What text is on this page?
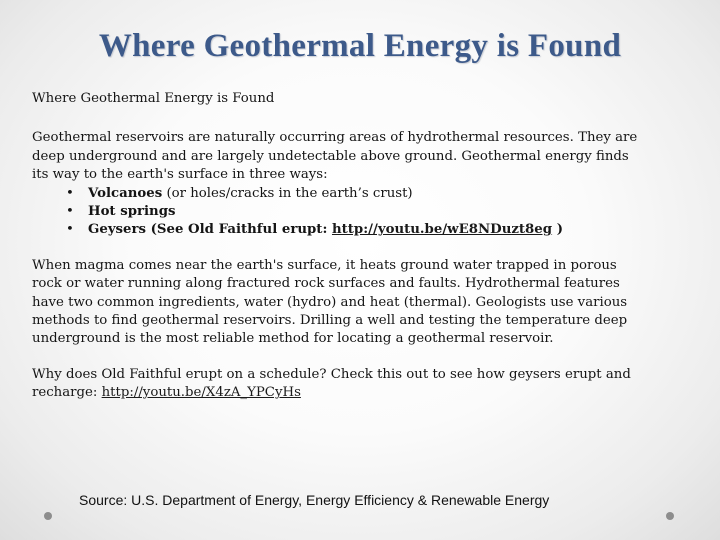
Where Geothermal Energy is Found

Where Geothermal Energy is Found

Geothermal reservoirs are naturally occurring areas of hydrothermal resources. They are deep underground and are largely undetectable above ground. Geothermal energy finds its way to the earth's surface in three ways:

• Volcanoes (or holes/cracks in the earth’s crust)
• Hot springs
• Geysers (See Old Faithful erupt: http://youtu.be/wE8NDuzt8eg )

When magma comes near the earth's surface, it heats ground water trapped in porous rock or water running along fractured rock surfaces and faults. Hydrothermal features have two common ingredients, water (hydro) and heat (thermal). Geologists use various methods to find geothermal reservoirs. Drilling a well and testing the temperature deep underground is the most reliable method for locating a geothermal reservoir.

Why does Old Faithful erupt on a schedule? Check this out to see how geysers erupt and recharge: http://youtu.be/X4zA_YPCyHs

Source: U.S. Department of Energy, Energy Efficiency & Renewable Energy
